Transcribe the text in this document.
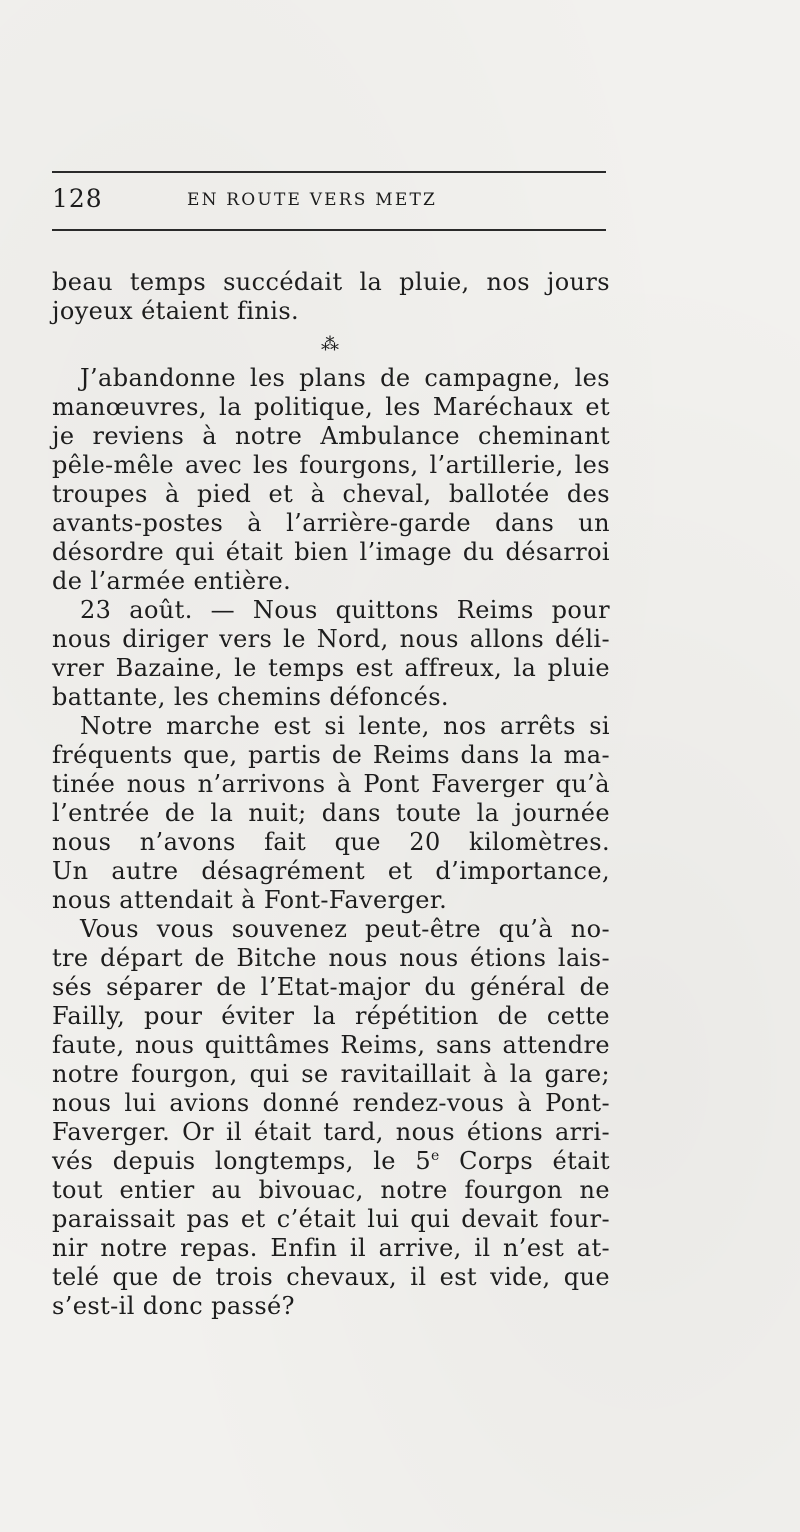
128	EN ROUTE VERS METZ
beau temps succédait la pluie, nos jours
joyeux étaient finis.
⁂
J’abandonne les plans de campagne, les
manœuvres, la politique, les Maréchaux et
je reviens à notre Ambulance cheminant
pêle-mêle avec les fourgons, l’artillerie, les
troupes à pied et à cheval, ballotée des
avants-postes à l’arrière-garde dans un
désordre qui était bien l’image du désarroi
de l’armée entière.
23 août. — Nous quittons Reims pour
nous diriger vers le Nord, nous allons déli-
vrer Bazaine, le temps est affreux, la pluie
battante, les chemins défoncés.
Notre marche est si lente, nos arrêts si
fréquents que, partis de Reims dans la ma-
tinée nous n’arrivons à Pont Faverger qu’à
l’entrée de la nuit; dans toute la journée
nous n’avons fait que 20 kilomètres.
Un autre désagrément et d’importance,
nous attendait à Font-Faverger.
Vous vous souvenez peut-être qu’à no-
tre départ de Bitche nous nous étions lais-
sés séparer de l’Etat-major du général de
Failly, pour éviter la répétition de cette
faute, nous quittâmes Reims, sans attendre
notre fourgon, qui se ravitaillait à la gare;
nous lui avions donné rendez-vous à Pont-
Faverger. Or il était tard, nous étions arri-
vés depuis longtemps, le 5e Corps était
tout entier au bivouac, notre fourgon ne
paraissait pas et c’était lui qui devait four-
nir notre repas. Enfin il arrive, il n’est at-
telé que de trois chevaux, il est vide, que
s’est-il donc passé?
